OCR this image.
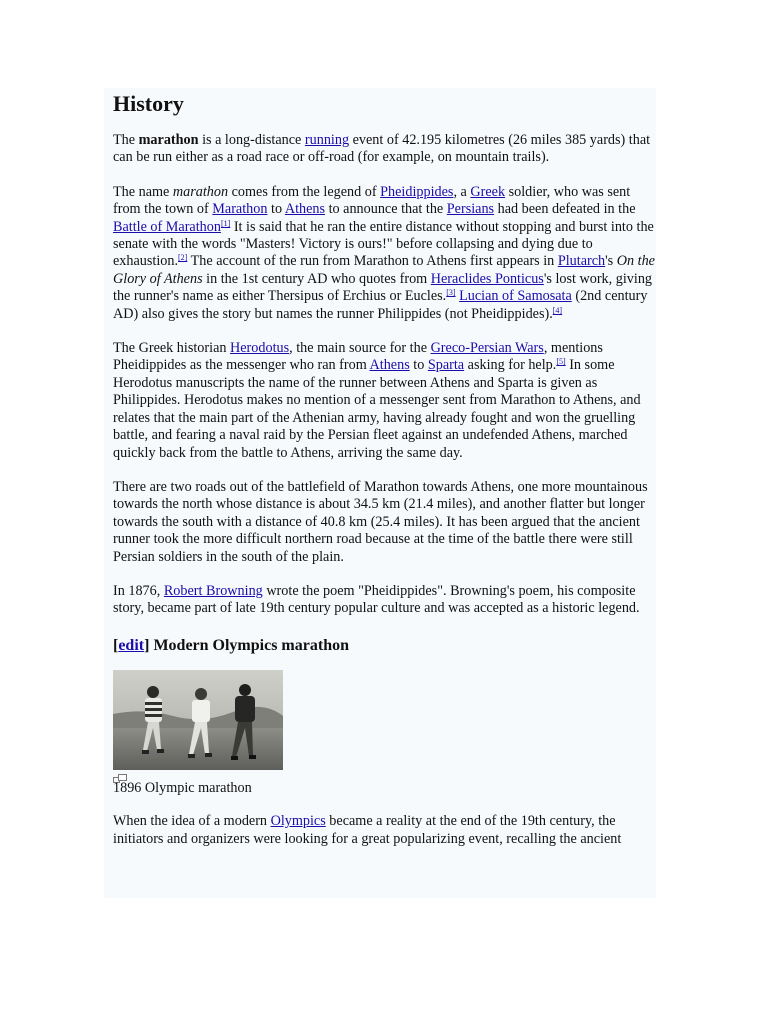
History

The marathon is a long-distance running event of 42.195 kilometres (26 miles 385 yards) that can be run either as a road race or off-road (for example, on mountain trails).

The name marathon comes from the legend of Pheidippides, a Greek soldier, who was sent from the town of Marathon to Athens to announce that the Persians had been defeated in the Battle of Marathon[1] It is said that he ran the entire distance without stopping and burst into the senate with the words "Masters! Victory is ours!" before collapsing and dying due to exhaustion.[2] The account of the run from Marathon to Athens first appears in Plutarch's On the Glory of Athens in the 1st century AD who quotes from Heraclides Ponticus's lost work, giving the runner's name as either Thersipus of Erchius or Eucles.[3] Lucian of Samosata (2nd century AD) also gives the story but names the runner Philippides (not Pheidippides).[4]

The Greek historian Herodotus, the main source for the Greco-Persian Wars, mentions Pheidippides as the messenger who ran from Athens to Sparta asking for help.[5] In some Herodotus manuscripts the name of the runner between Athens and Sparta is given as Philippides. Herodotus makes no mention of a messenger sent from Marathon to Athens, and relates that the main part of the Athenian army, having already fought and won the gruelling battle, and fearing a naval raid by the Persian fleet against an undefended Athens, marched quickly back from the battle to Athens, arriving the same day.

There are two roads out of the battlefield of Marathon towards Athens, one more mountainous towards the north whose distance is about 34.5 km (21.4 miles), and another flatter but longer towards the south with a distance of 40.8 km (25.4 miles). It has been argued that the ancient runner took the more difficult northern road because at the time of the battle there were still Persian soldiers in the south of the plain.

In 1876, Robert Browning wrote the poem "Pheidippides". Browning's poem, his composite story, became part of late 19th century popular culture and was accepted as a historic legend.

[edit] Modern Olympics marathon
1896 Olympic marathon

When the idea of a modern Olympics became a reality at the end of the 19th century, the initiators and organizers were looking for a great popularizing event, recalling the ancient
